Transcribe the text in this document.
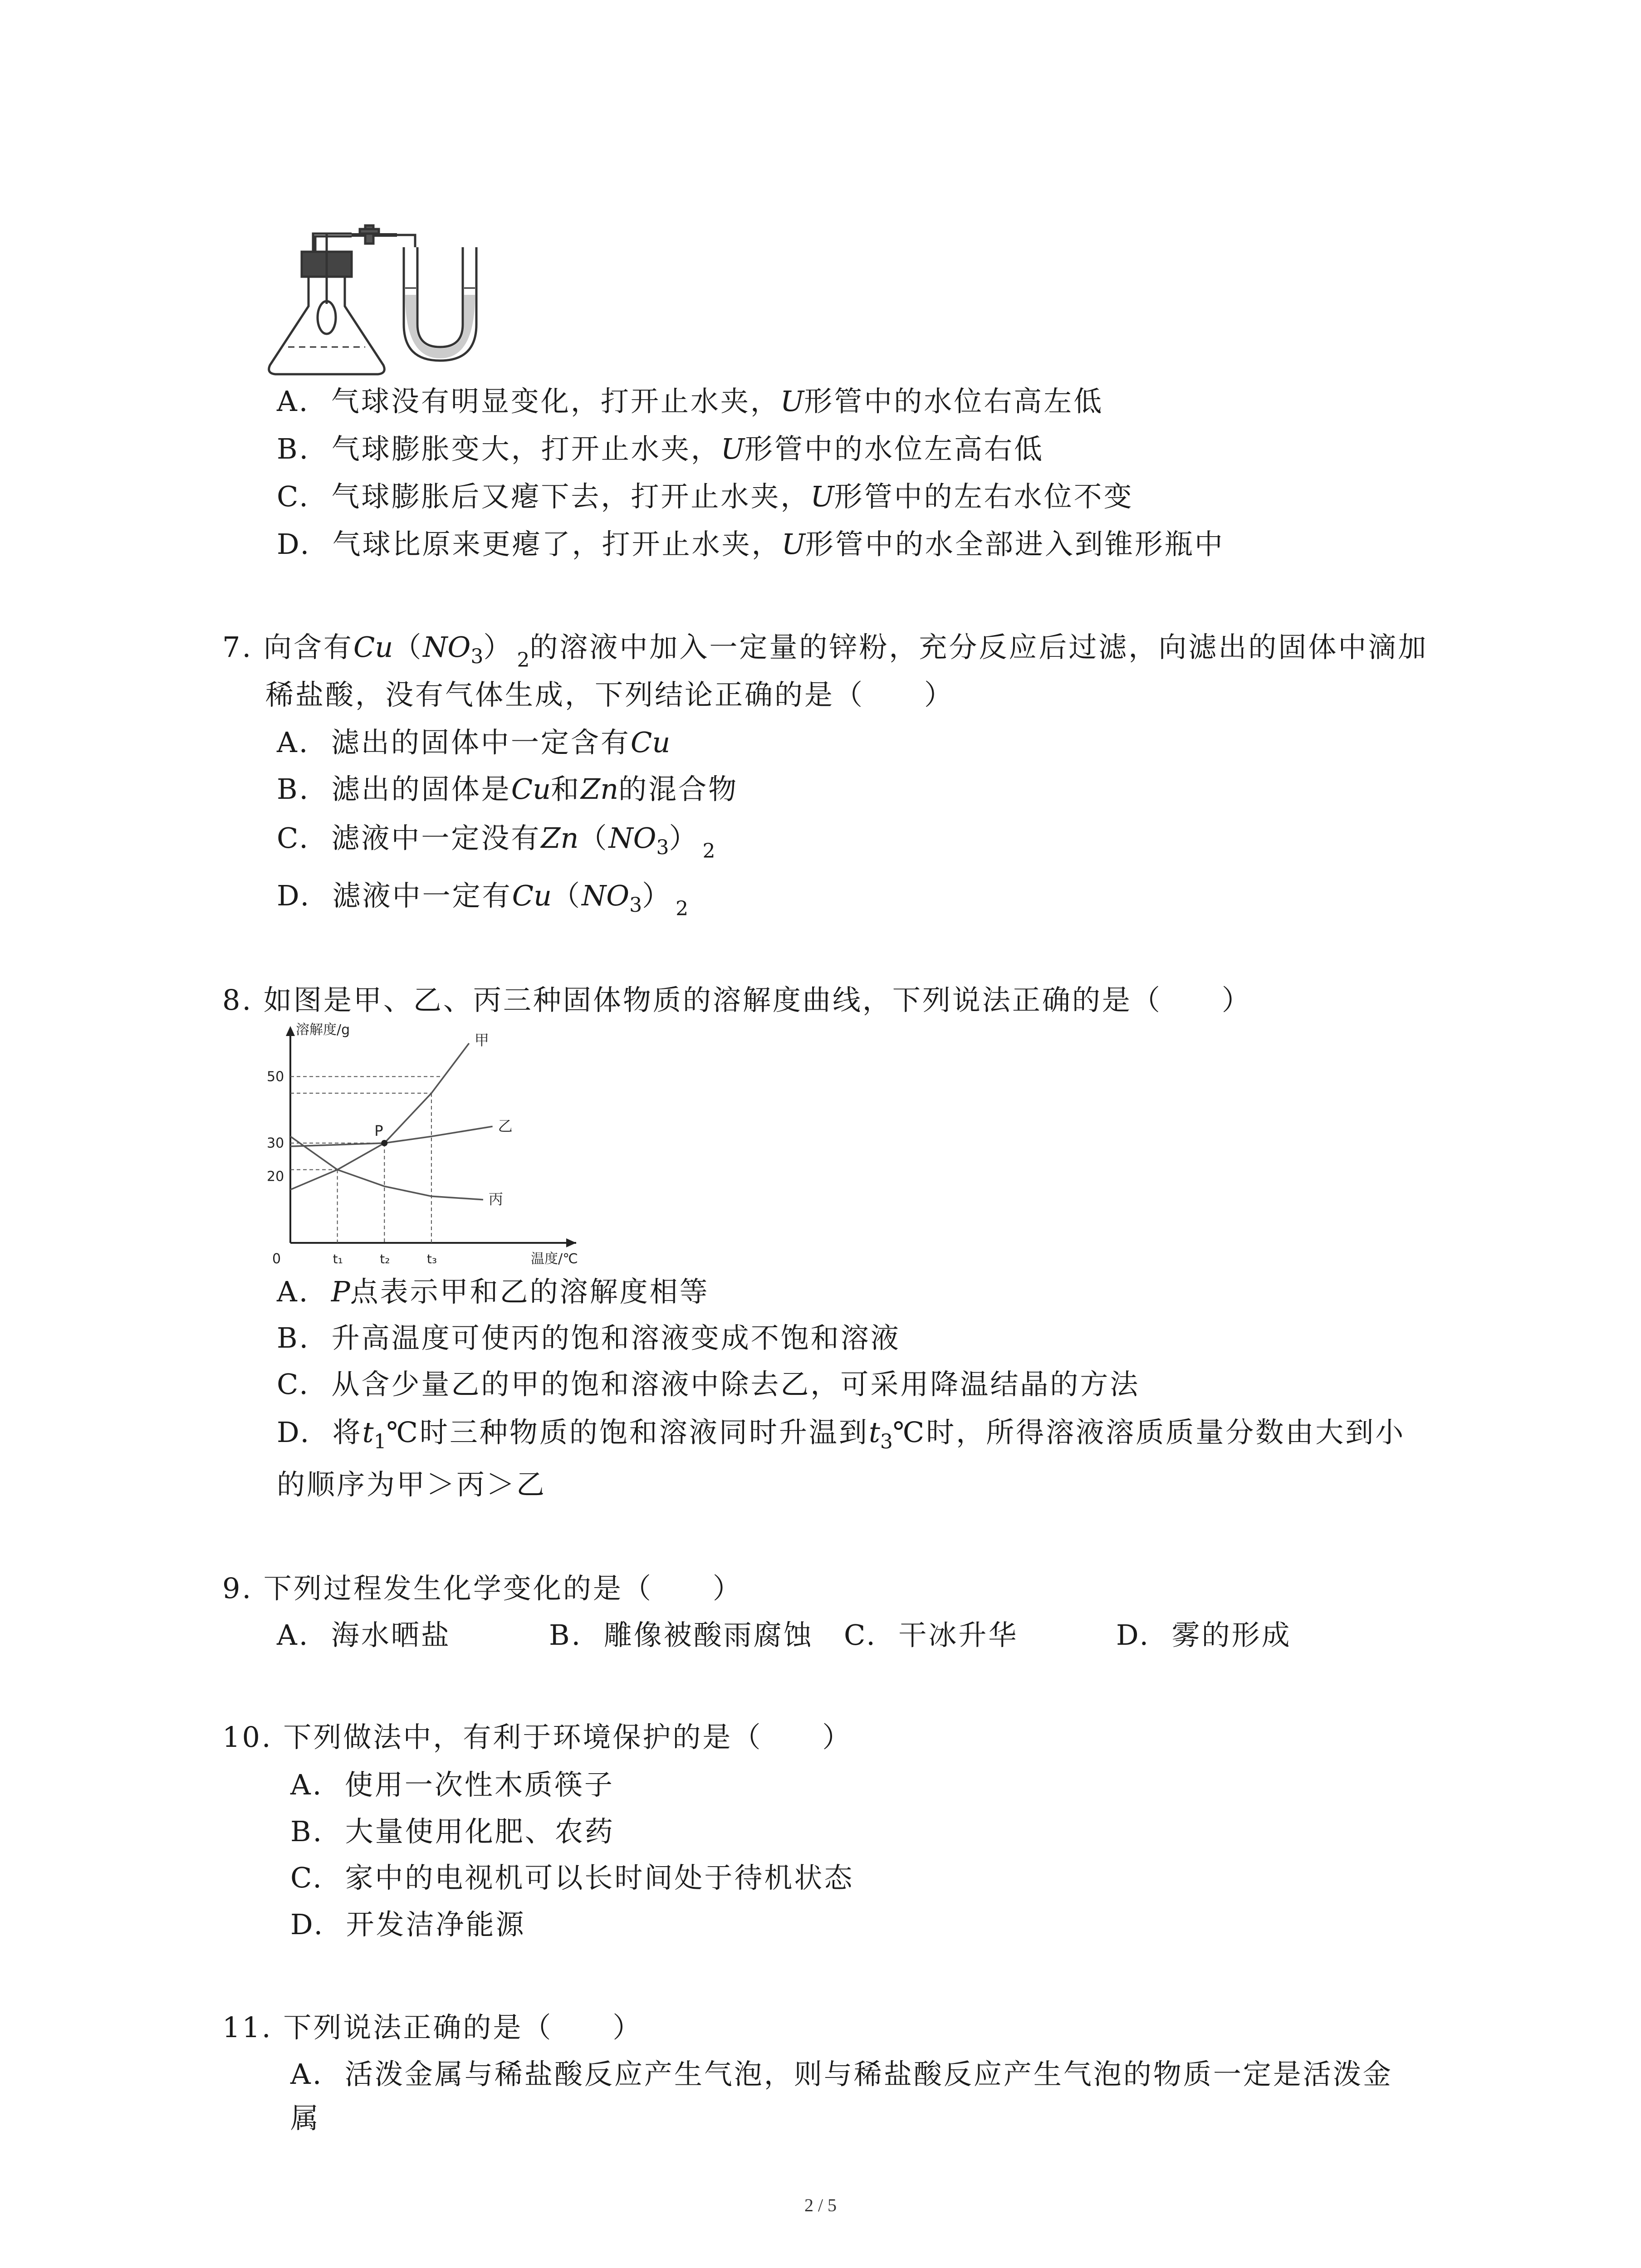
A. 气球没有明显变化，打开止水夹，U形管中的水位右高左低
B. 气球膨胀变大，打开止水夹，U形管中的水位左高右低
C. 气球膨胀后又瘪下去，打开止水夹，U形管中的左右水位不变
D. 气球比原来更瘪了，打开止水夹，U形管中的水全部进入到锥形瓶中
7. 向含有$Cu(NO_3)$ $_2$的溶液中加入一定量的锌粉，充分反应后过滤，向滤出的固体中滴加
稀盐酸，没有气体生成，下列结论正确的是（　　）
A. 滤出的固体中一定含有Cu
B. 滤出的固体是Cu和Zn的混合物
C. 滤液中一定没有$Zn(NO_3)$ $_2$
D. 滤液中一定有$Cu(NO_3)$ $_2$
8. 如图是甲、乙、丙三种固体物质的溶解度曲线，下列说法正确的是（　　）
溶解度/g
温度/℃
0
50
30
20
甲
乙
丙
t₁	t₂	t₃
P
A. P点表示甲和乙的溶解度相等
B. 升高温度可使丙的饱和溶液变成不饱和溶液
C. 从含少量乙的甲的饱和溶液中除去乙，可采用降温结晶的方法
D. 将$t_1℃$时三种物质的饱和溶液同时升温到$t_3℃$时，所得溶液溶质质量分数由大到小
的顺序为甲＞丙＞乙
9. 下列过程发生化学变化的是（　　）
A. 海水晒盐	B. 雕像被酸雨腐蚀 C. 干冰升华	D. 雾的形成
10. 下列做法中，有利于环境保护的是（　　）
A. 使用一次性木质筷子
B. 大量使用化肥、农药
C. 家中的电视机可以长时间处于待机状态
D. 开发洁净能源
11. 下列说法正确的是（　　）
A. 活泼金属与稀盐酸反应产生气泡，则与稀盐酸反应产生气泡的物质一定是活泼金
属
2 / 5
